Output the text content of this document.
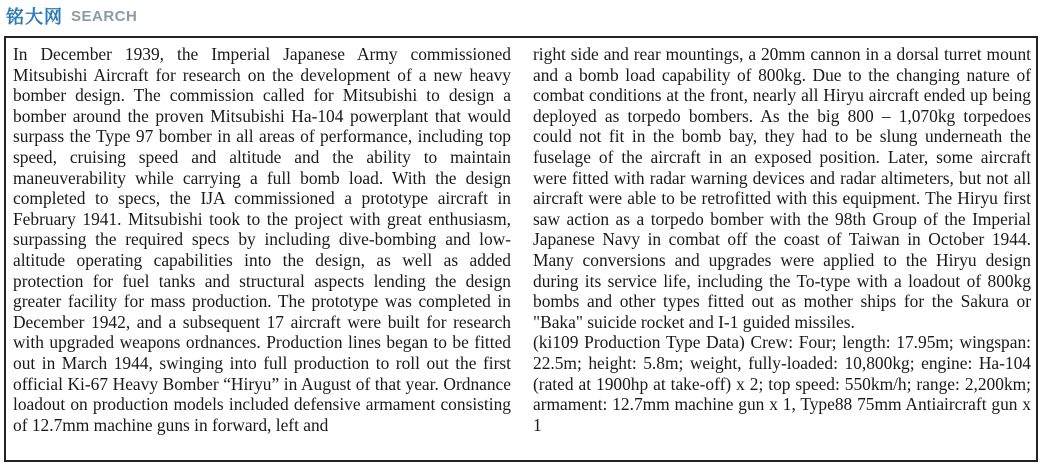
铭大网 SEARCH

In December 1939, the Imperial Japanese Army commissioned Mitsubishi Aircraft for research on the development of a new heavy bomber design. The commission called for Mitsubishi to design a bomber around the proven Mitsubishi Ha-104 powerplant that would surpass the Type 97 bomber in all areas of performance, including top speed, cruising speed and altitude and the ability to maintain maneuverability while carrying a full bomb load. With the design completed to specs, the IJA commissioned a prototype aircraft in February 1941. Mitsubishi took to the project with great enthusiasm, surpassing the required specs by including dive-bombing and low-altitude operating capabilities into the design, as well as added protection for fuel tanks and structural aspects lending the design greater facility for mass production. The prototype was completed in December 1942, and a subsequent 17 aircraft were built for research with upgraded weapons ordnances. Production lines began to be fitted out in March 1944, swinging into full production to roll out the first official Ki-67 Heavy Bomber “Hiryu” in August of that year. Ordnance loadout on production models included defensive armament consisting of 12.7mm machine guns in forward, left and

right side and rear mountings, a 20mm cannon in a dorsal turret mount and a bomb load capability of 800kg. Due to the changing nature of combat conditions at the front, nearly all Hiryu aircraft ended up being deployed as torpedo bombers. As the big 800 – 1,070kg torpedoes could not fit in the bomb bay, they had to be slung underneath the fuselage of the aircraft in an exposed position. Later, some aircraft were fitted with radar warning devices and radar altimeters, but not all aircraft were able to be retrofitted with this equipment. The Hiryu first saw action as a torpedo bomber with the 98th Group of the Imperial Japanese Navy in combat off the coast of Taiwan in October 1944. Many conversions and upgrades were applied to the Hiryu design during its service life, including the To-type with a loadout of 800kg bombs and other types fitted out as mother ships for the Sakura or "Baka" suicide rocket and I-1 guided missiles.

(ki109 Production Type Data) Crew: Four; length: 17.95m; wingspan: 22.5m; height: 5.8m; weight, fully-loaded: 10,800kg; engine: Ha-104 (rated at 1900hp at take-off) x 2; top speed: 550km/h; range: 2,200km; armament: 12.7mm machine gun x 1, Type88 75mm Antiaircraft gun x 1
